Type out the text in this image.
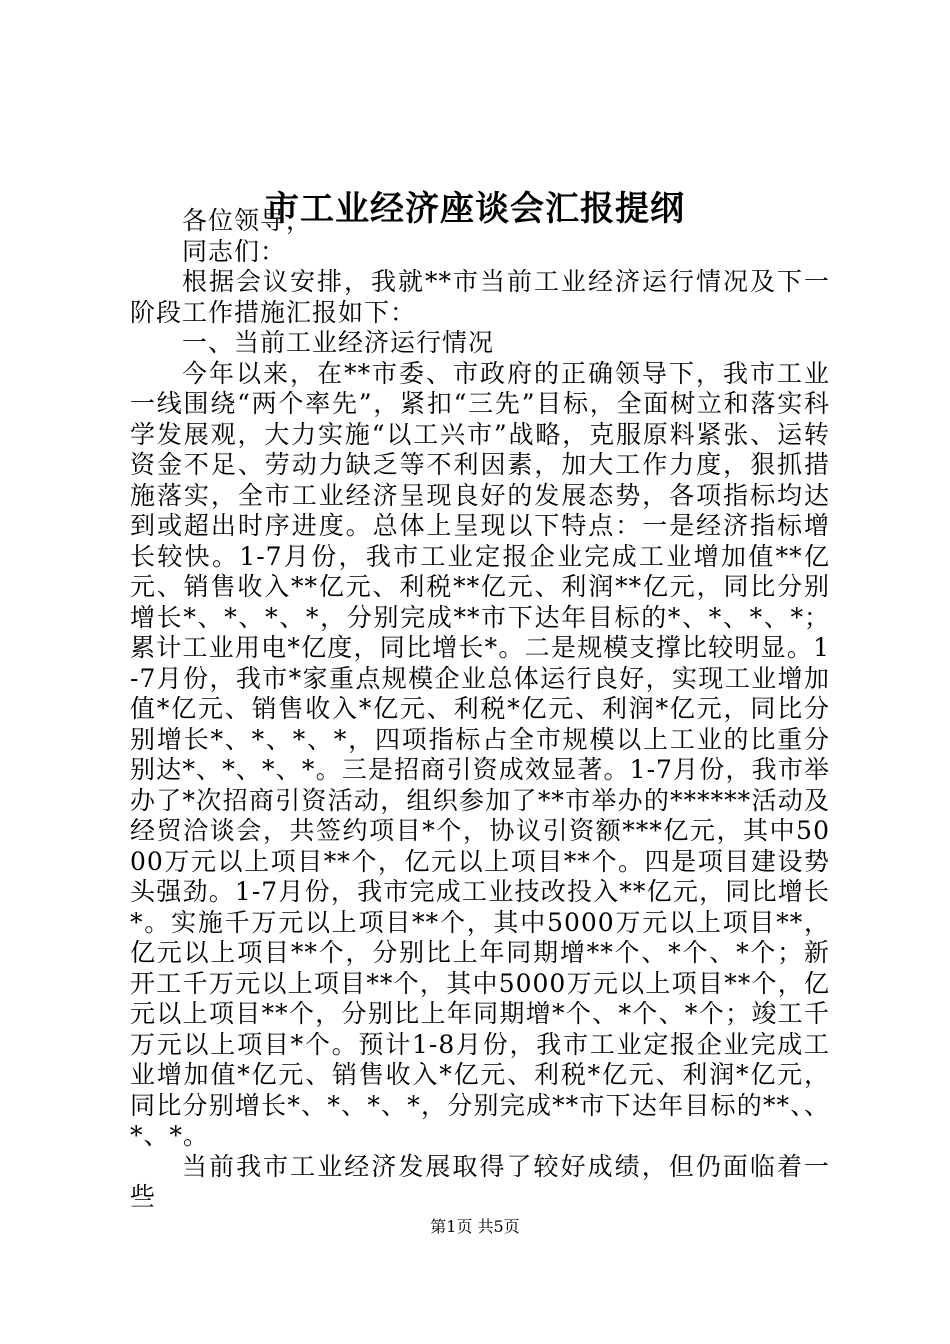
市工业经济座谈会汇报提纲

各位领导，

同志们：

根据会议安排，我就**市当前工业经济运行情况及下一阶段工作措施汇报如下：

一、当前工业经济运行情况

今年以来，在**市委、市政府的正确领导下，我市工业一线围绕“两个率先”，紧扣“三先”目标，全面树立和落实科学发展观，大力实施“以工兴市”战略，克服原料紧张、运转资金不足、劳动力缺乏等不利因素，加大工作力度，狠抓措施落实，全市工业经济呈现良好的发展态势，各项指标均达到或超出时序进度。总体上呈现以下特点：一是经济指标增长较快。1-7月份，我市工业定报企业完成工业增加值**亿元、销售收入**亿元、利税**亿元、利润**亿元，同比分别增长*、*、*、*，分别完成**市下达年目标的*、*、*、*；累计工业用电*亿度，同比增长*。二是规模支撑比较明显。1-7月份，我市*家重点规模企业总体运行良好，实现工业增加值*亿元、销售收入*亿元、利税*亿元、利润*亿元，同比分别增长*、*、*、*，四项指标占全市规模以上工业的比重分别达*、*、*、*。三是招商引资成效显著。1-7月份，我市举办了*次招商引资活动，组织参加了**市举办的******活动及经贸洽谈会，共签约项目*个，协议引资额***亿元，其中5000万元以上项目**个，亿元以上项目**个。四是项目建设势头强劲。1-7月份，我市完成工业技改投入**亿元，同比增长*。实施千万元以上项目**个，其中5000万元以上项目**，亿元以上项目**个，分别比上年同期增**个、*个、*个；新开工千万元以上项目**个，其中5000万元以上项目**个，亿元以上项目**个，分别比上年同期增*个、*个、*个；竣工千万元以上项目*个。预计1-8月份，我市工业定报企业完成工业增加值*亿元、销售收入*亿元、利税*亿元、利润*亿元，同比分别增长*、*、*、*，分别完成**市下达年目标的**、、*、*。

当前我市工业经济发展取得了较好成绩，但仍面临着一些

第1页 共5页
